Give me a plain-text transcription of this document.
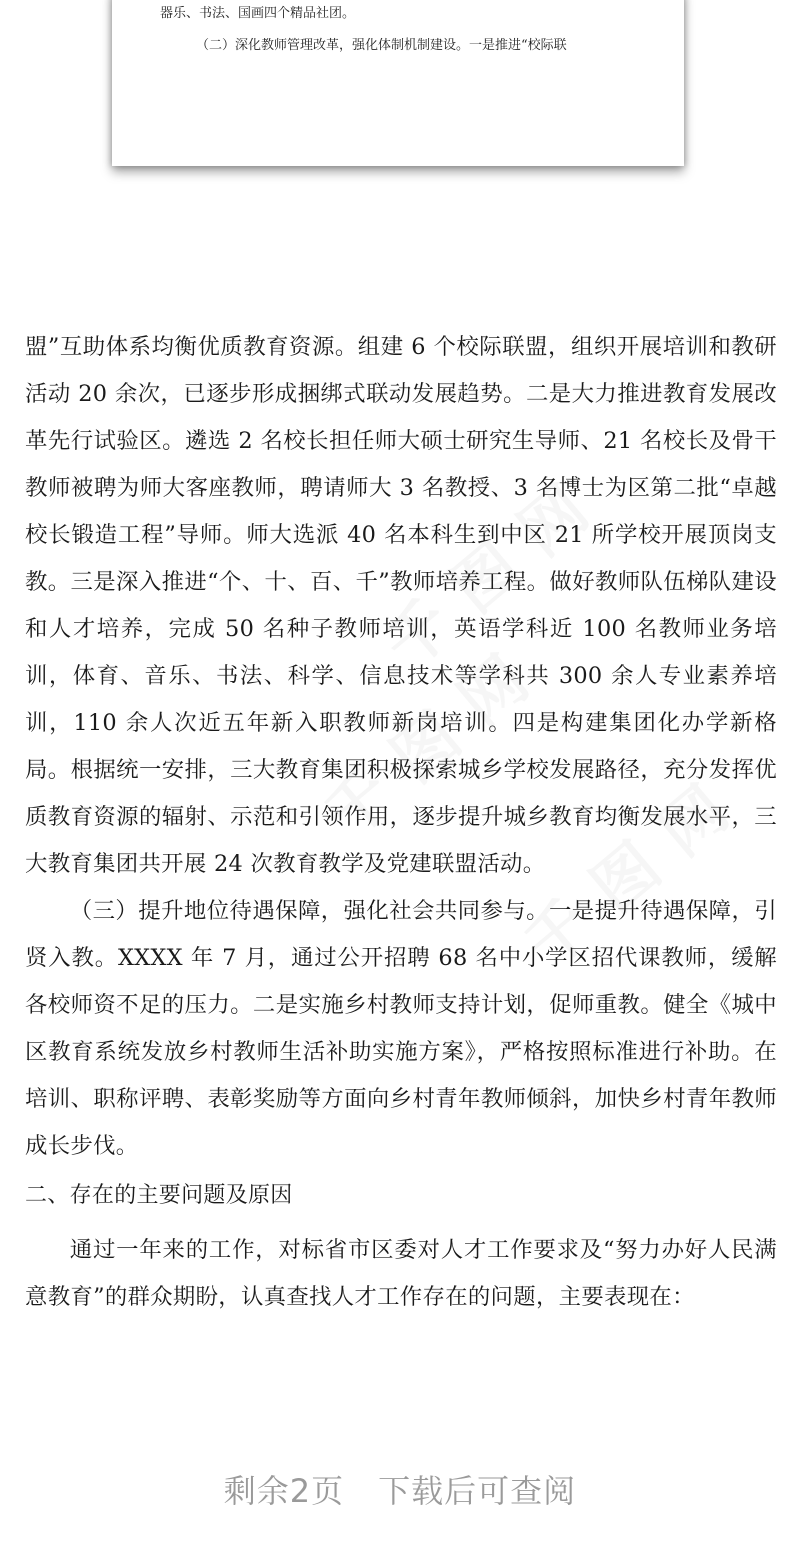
器乐、书法、国画四个精品社团。
（二）深化教师管理改革，强化体制机制建设。一是推进“校际联

盟”互助体系均衡优质教育资源。组建 6 个校际联盟，组织开展培训和教研活动 20 余次，已逐步形成捆绑式联动发展趋势。二是大力推进教育发展改革先行试验区。遴选 2 名校长担任师大硕士研究生导师、21 名校长及骨干教师被聘为师大客座教师，聘请师大 3 名教授、3 名博士为区第二批“卓越校长锻造工程”导师。师大选派 40 名本科生到中区 21 所学校开展顶岗支教。三是深入推进“个、十、百、千”教师培养工程。做好教师队伍梯队建设和人才培养，完成 50 名种子教师培训，英语学科近 100 名教师业务培训，体育、音乐、书法、科学、信息技术等学科共 300 余人专业素养培训，110 余人次近五年新入职教师新岗培训。四是构建集团化办学新格局。根据统一安排，三大教育集团积极探索城乡学校发展路径，充分发挥优质教育资源的辐射、示范和引领作用，逐步提升城乡教育均衡发展水平，三大教育集团共开展 24 次教育教学及党建联盟活动。

（三）提升地位待遇保障，强化社会共同参与。一是提升待遇保障，引贤入教。XXXX 年 7 月，通过公开招聘 68 名中小学区招代课教师，缓解各校师资不足的压力。二是实施乡村教师支持计划，促师重教。健全《城中区教育系统发放乡村教师生活补助实施方案》，严格按照标准进行补助。在培训、职称评聘、表彰奖励等方面向乡村青年教师倾斜，加快乡村青年教师成长步伐。

二、存在的主要问题及原因

通过一年来的工作，对标省市区委对人才工作要求及“努力办好人民满意教育”的群众期盼，认真查找人才工作存在的问题，主要表现在：

剩余2页 下载后可查阅
